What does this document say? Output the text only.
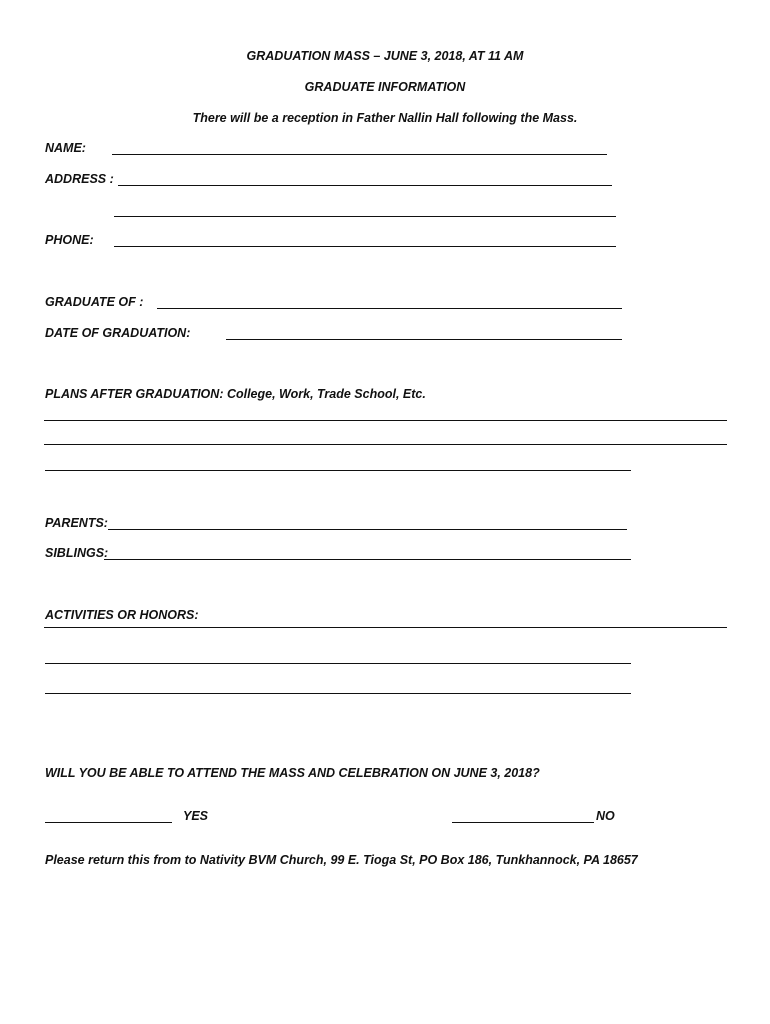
GRADUATION MASS – JUNE 3, 2018, AT 11 AM
GRADUATE INFORMATION
There will be a reception in Father Nallin Hall following the Mass.
NAME:
ADDRESS :
PHONE:
GRADUATE OF :
DATE OF GRADUATION:
PLANS AFTER GRADUATION: College, Work, Trade School, Etc.
PARENTS:
SIBLINGS:
ACTIVITIES OR HONORS:
WILL YOU BE ABLE TO ATTEND THE MASS AND CELEBRATION ON JUNE 3, 2018?
YES	NO
Please return this from to Nativity BVM Church, 99 E. Tioga St, PO Box 186, Tunkhannock, PA 18657
